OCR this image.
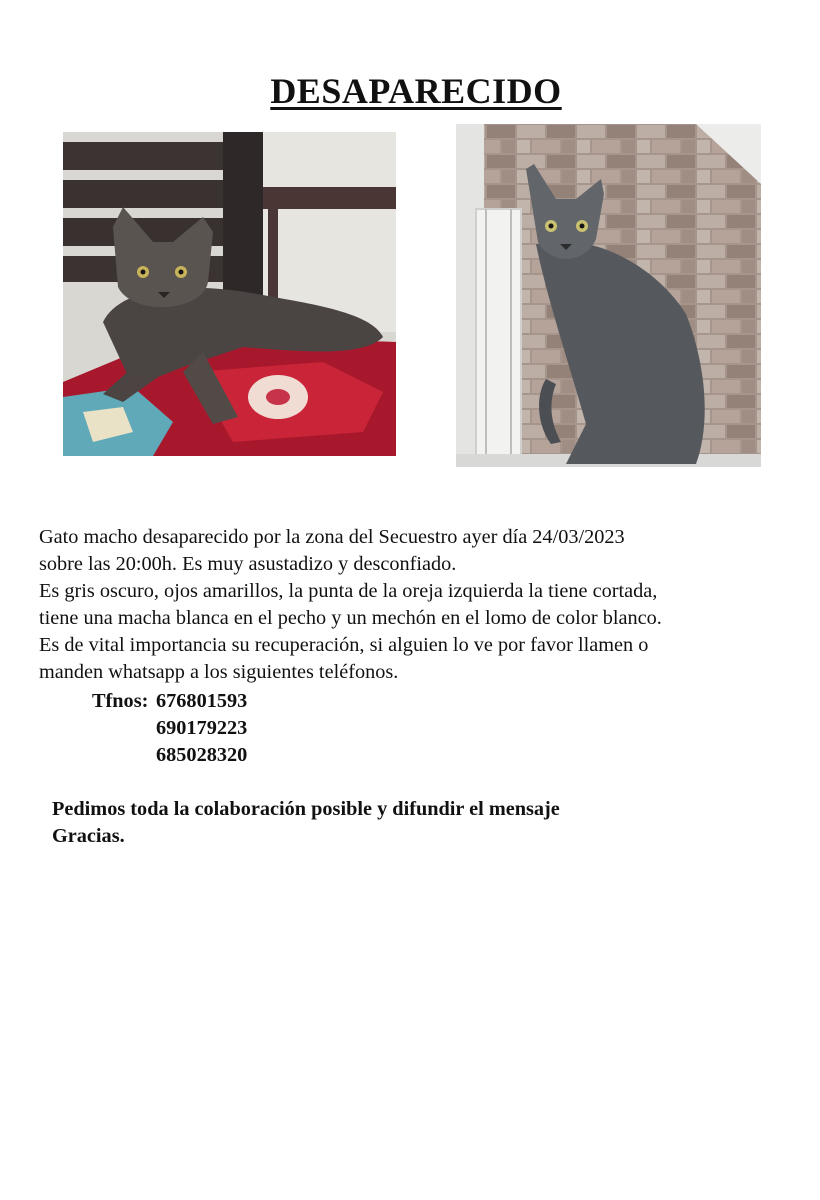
DESAPARECIDO

Gato macho desaparecido por la zona del Secuestro ayer día 24/03/2023

sobre las 20:00h. Es muy asustadizo y desconfiado.

Es gris oscuro, ojos amarillos, la punta de la oreja izquierda la tiene cortada,

tiene una macha blanca en el pecho y un mechón en el lomo de color blanco.

Es de vital importancia su recuperación, si alguien lo ve por favor llamen o

manden whatsapp a los siguientes teléfonos.

Tfnos: 676801593
690179223
685028320

Pedimos toda la colaboración posible y difundir el mensaje

Gracias.
